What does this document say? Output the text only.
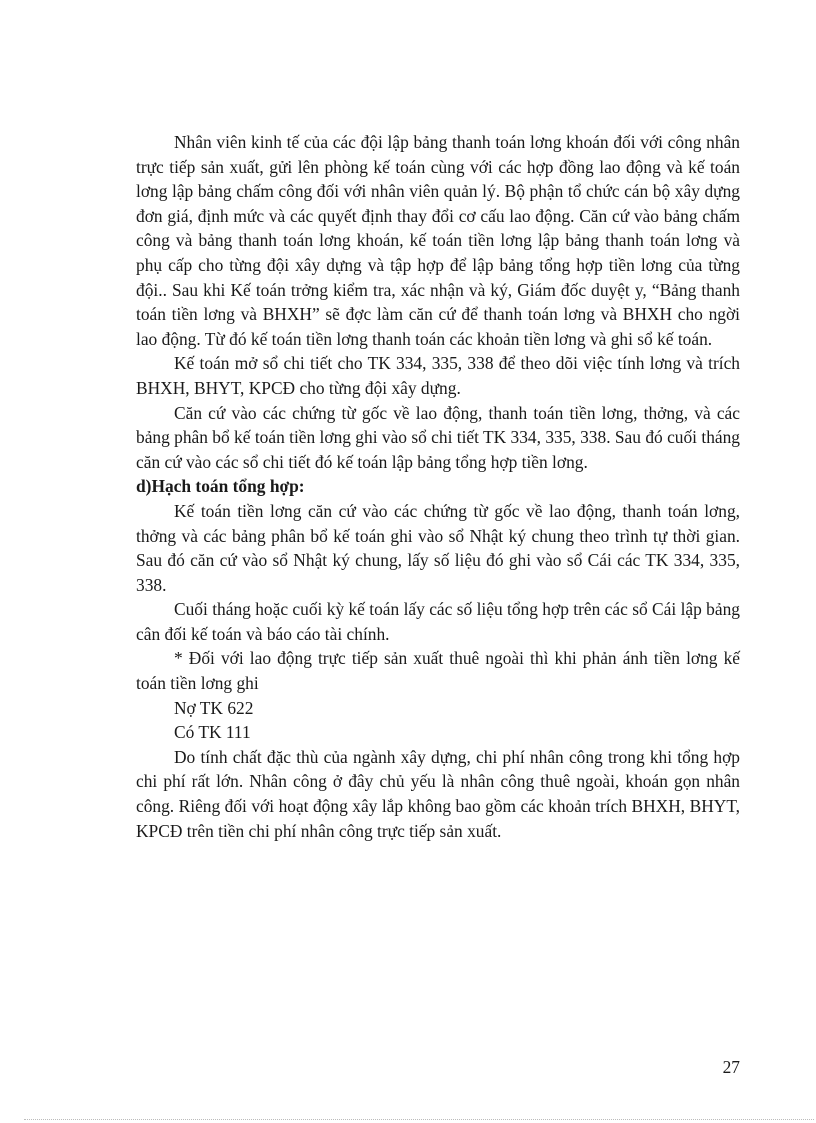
Nhân viên kinh tế của các đội lập bảng thanh toán lơng khoán đối với công nhân trực tiếp sản xuất, gửi lên phòng kế toán cùng với các hợp đồng lao động và kế toán lơng lập bảng chấm công đối với nhân viên quản lý. Bộ phận tổ chức cán bộ xây dựng đơn giá, định mức và các quyết định thay đổi cơ cấu lao động. Căn cứ vào bảng chấm công và bảng thanh toán lơng khoán, kế toán tiền lơng lập bảng thanh toán lơng và phụ cấp cho từng đội xây dựng và tập hợp để lập bảng tổng hợp tiền lơng của từng đội.. Sau khi Kế toán trởng kiểm tra, xác nhận và ký, Giám đốc duyệt y, “Bảng thanh toán tiền lơng và BHXH” sẽ đợc làm căn cứ để thanh toán lơng và BHXH cho ngời lao động. Từ đó kế toán tiền lơng thanh toán các khoản tiền lơng và ghi sổ kế toán.

Kế toán mở sổ chi tiết cho TK 334, 335, 338 để theo dõi việc tính lơng và trích BHXH, BHYT, KPCĐ cho từng đội xây dựng.

Căn cứ vào các chứng từ gốc về lao động, thanh toán tiền lơng, thởng, và các bảng phân bổ kế toán tiền lơng ghi vào sổ chi tiết TK 334, 335, 338. Sau đó cuối tháng căn cứ vào các sổ chi tiết đó kế toán lập bảng tổng hợp tiền lơng.

d)Hạch toán tổng hợp:

Kế toán tiền lơng căn cứ vào các chứng từ gốc về lao động, thanh toán lơng, thởng và các bảng phân bổ kế toán ghi vào sổ Nhật ký chung theo trình tự thời gian. Sau đó căn cứ vào sổ Nhật ký chung, lấy số liệu đó ghi vào sổ Cái các TK 334, 335, 338.

Cuối tháng hoặc cuối kỳ kế toán lấy các số liệu tổng hợp trên các sổ Cái lập bảng cân đối kế toán và báo cáo tài chính.

* Đối với lao động trực tiếp sản xuất thuê ngoài thì khi phản ánh tiền lơng kế toán tiền lơng ghi

Nợ TK 622

Có TK 111

Do tính chất đặc thù của ngành xây dựng, chi phí nhân công trong khi tổng hợp chi phí rất lớn. Nhân công ở đây chủ yếu là nhân công thuê ngoài, khoán gọn nhân công. Riêng đối với hoạt động xây lắp không bao gồm các khoản trích BHXH, BHYT, KPCĐ trên tiền chi phí nhân công trực tiếp sản xuất.

27
